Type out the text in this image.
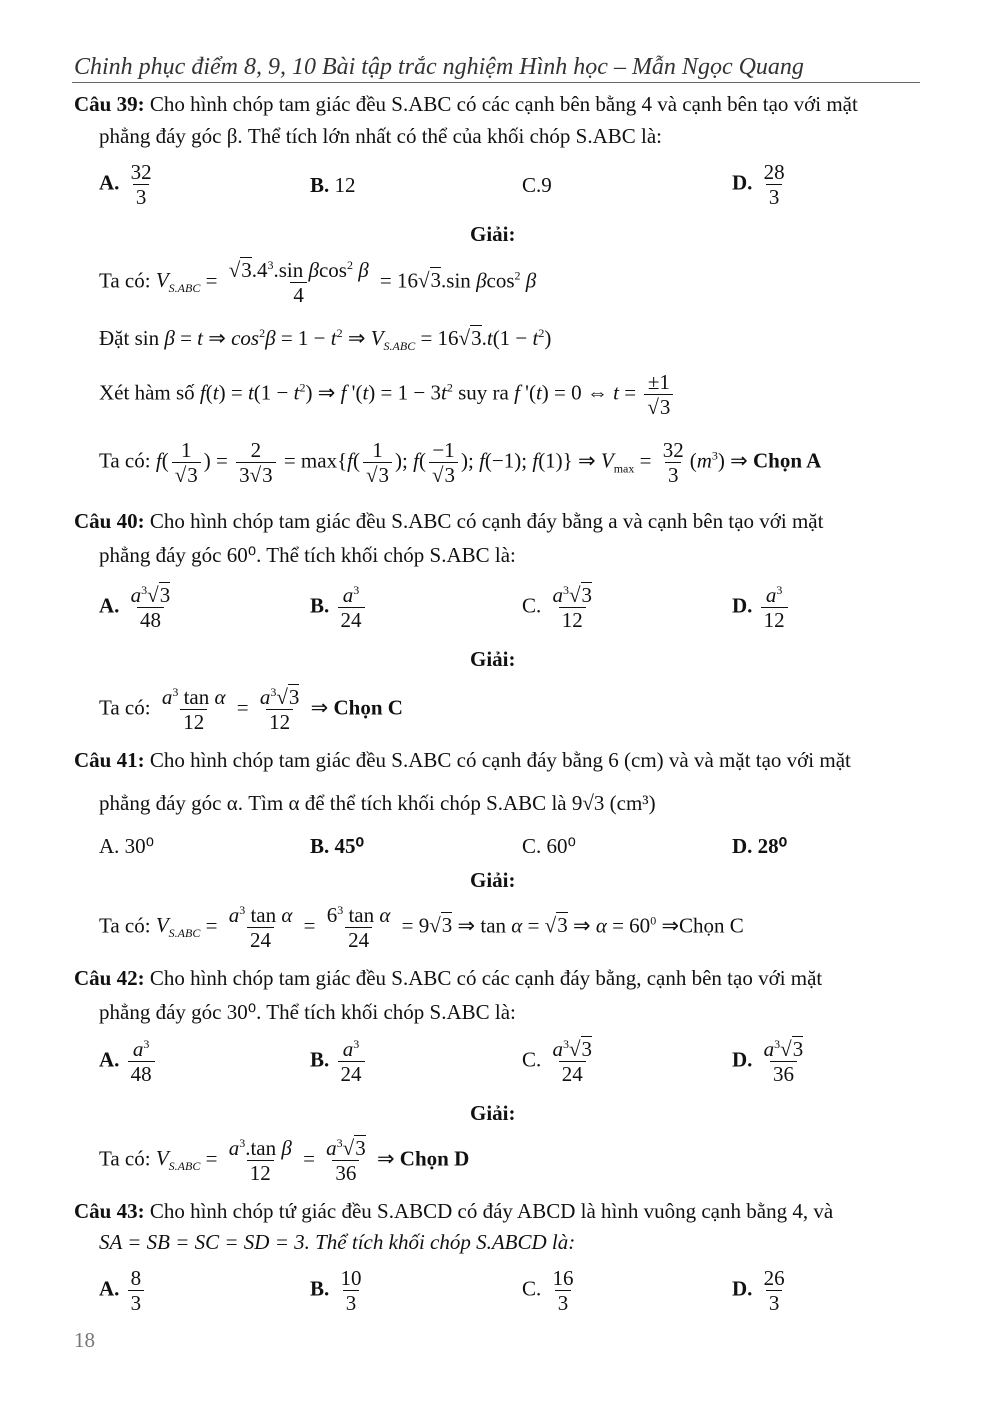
Chinh phục điểm 8, 9, 10 Bài tập trắc nghiệm Hình học – Mẫn Ngọc Quang
Câu 39: Cho hình chóp tam giác đều S.ABC có các cạnh bên bằng 4 và cạnh bên tạo với mặt
phẳng đáy góc β. Thể tích lớn nhất có thể của khối chóp S.ABC là:
A. $\frac{32}{3}$	B. 12	C.9	D. $\frac{28}{3}$
Giải:
Ta có: $V_{S.ABC} = \frac{√3.4^3.\sin \beta\cos^2 \beta}{4} = 16√3.\sin$ βcos$^2$ β
Đặt sin β = t ⇒ $\cos^2\beta = 1 - t^2$ ⇒ $V_{S.ABC} = 16√3.t(1 - t^2)$
Xét hàm số $f(t) = t(1 - t^2)$ ⇒ f '$(t) = 1 - 3t^2$ suy ra f '(t) = 0 ⇔ $t = \frac{\pm 1}{√3}$
Ta có: $f( \frac{1}{√3}$ ) = $\frac{2}{3√3} = \max\{f( \frac{1}{√3}$ ); $f( \frac{-1}{√3}$ ); f(−1); f(1)} ⇒ $V_{max} = \frac{32}{3} (m^3)$ ⇒ Chọn A
Câu 40: Cho hình chóp tam giác đều S.ABC có cạnh đáy bằng a và cạnh bên tạo với mặt
phẳng đáy góc 60⁰. Thể tích khối chóp S.ABC là:
A. $\frac{a^3√3}{48}$	B. $\frac{a^3}{24}$	C. $\frac{a^3√3}{12}$	D. $\frac{a^3}{12}$
Giải:
Ta có: $\frac{a^3 \tan \alpha}{12} = \frac{a^3√3}{12}$ ⇒ Chọn C
Câu 41: Cho hình chóp tam giác đều S.ABC có cạnh đáy bằng 6 (cm) và và mặt tạo với mặt
phẳng đáy góc α. Tìm α để thể tích khối chóp S.ABC là 9√3 (cm³)
A. 30⁰	B. 45⁰	C. 60⁰	D. 28⁰
Giải:
Ta có: $V_{S.ABC} = \frac{a^3 \tan \alpha}{24} = \frac{6^3 \tan \alpha}{24} = 9√3$ ⇒ tan α = √3 ⇒ $\alpha = 60^0$ ⇒Chọn C
Câu 42: Cho hình chóp tam giác đều S.ABC có các cạnh đáy bằng, cạnh bên tạo với mặt
phẳng đáy góc 30⁰. Thể tích khối chóp S.ABC là:
A. $\frac{a^3}{48}$	B. $\frac{a^3}{24}$	C. $\frac{a^3√3}{24}$	D. $\frac{a^3√3}{36}$
Giải:
Ta có: $V_{S.ABC} = \frac{a^3.\tan \beta}{12} = \frac{a^3√3}{36}$ ⇒ Chọn D
Câu 43: Cho hình chóp tứ giác đều S.ABCD có đáy ABCD là hình vuông cạnh bằng 4, và
SA = SB = SC = SD = 3. Thể tích khối chóp S.ABCD là:
A. $\frac{8}{3}$	B. $\frac{10}{3}$	C. $\frac{16}{3}$	D. $\frac{26}{3}$
18
